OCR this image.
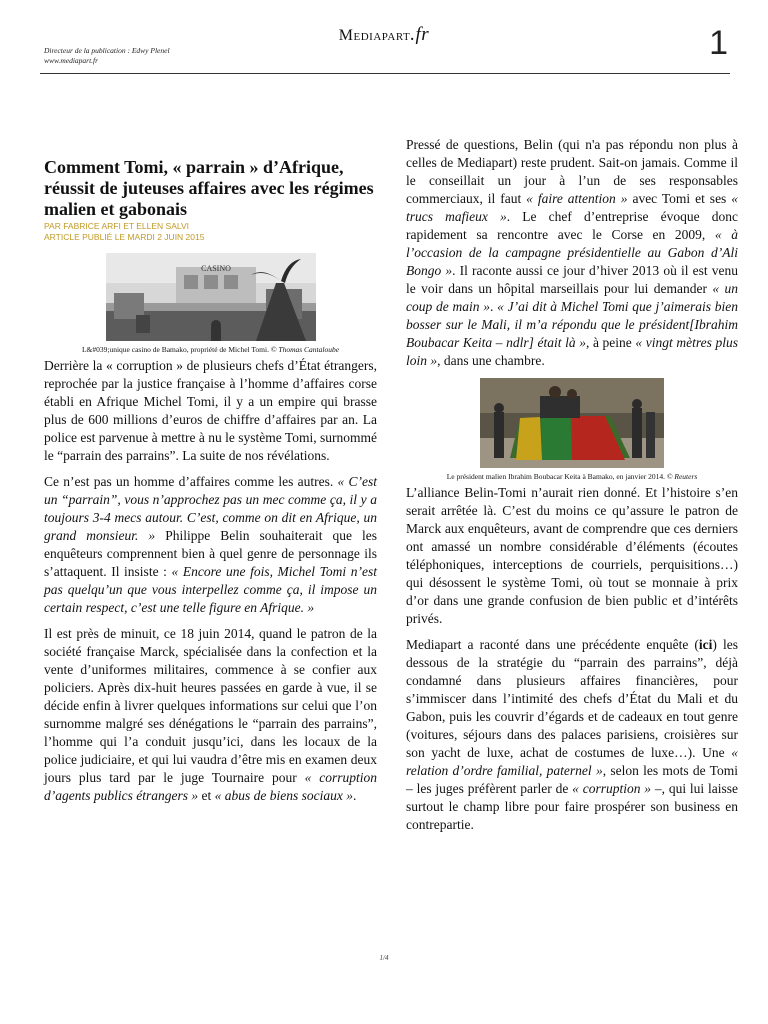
Directeur de la publication : Edwy Plenel
www.mediapart.fr
Mediapart.fr	1
Comment Tomi, « parrain » d’Afrique, réussit de juteuses affaires avec les régimes malien et gabonais
PAR FABRICE ARFI ET ELLEN SALVI
ARTICLE PUBLIÉ LE MARDI 2 JUIN 2015
CASINO
L&#039;unique casino de Bamako, propriété de Michel Tomi. © Thomas Cantaloube

Derrière la « corruption » de plusieurs chefs d’État étrangers, reprochée par la justice française à l’homme d’affaires corse établi en Afrique Michel Tomi, il y a un empire qui brasse plus de 600 millions d’euros de chiffre d’affaires par an. La police est parvenue à mettre à nu le système Tomi, surnommé le “parrain des parrains”. La suite de nos révélations.

Ce n’est pas un homme d’affaires comme les autres. « C’est un “parrain”, vous n’approchez pas un mec comme ça, il y a toujours 3-4 mecs autour. C’est, comme on dit en Afrique, un grand monsieur. » Philippe Belin souhaiterait que les enquêteurs comprennent bien à quel genre de personnage ils s’attaquent. Il insiste : « Encore une fois, Michel Tomi n’est pas quelqu’un que vous interpellez comme ça, il impose un certain respect, c’est une telle figure en Afrique. »

Il est près de minuit, ce 18 juin 2014, quand le patron de la société française Marck, spécialisée dans la confection et la vente d’uniformes militaires, commence à se confier aux policiers. Après dix-huit heures passées en garde à vue, il se décide enfin à livrer quelques informations sur celui que l’on surnomme malgré ses dénégations le “parrain des parrains”, l’homme qui l’a conduit jusqu’ici, dans les locaux de la police judiciaire, et qui lui vaudra d’être mis en examen deux jours plus tard par le juge Tournaire pour « corruption d’agents publics étrangers » et « abus de biens sociaux ».

Pressé de questions, Belin (qui n'a pas répondu non plus à celles de Mediapart) reste prudent. Sait-on jamais. Comme il le conseillait un jour à l’un de ses responsables commerciaux, il faut « faire attention » avec Tomi et ses « trucs mafieux ». Le chef d’entreprise évoque donc rapidement sa rencontre avec le Corse en 2009, « à l’occasion de la campagne présidentielle au Gabon d’Ali Bongo ». Il raconte aussi ce jour d’hiver 2013 où il est venu le voir dans un hôpital marseillais pour lui demander « un coup de main ». « J’ai dit à Michel Tomi que j’aimerais bien bosser sur le Mali, il m’a répondu que le président[Ibrahim Boubacar Keita – ndlr] était là », à peine « vingt mètres plus loin », dans une chambre.

Le président malien Ibrahim Boubacar Keita à Bamako, en janvier 2014. © Reuters

L’alliance Belin-Tomi n’aurait rien donné. Et l’histoire s’en serait arrêtée là. C’est du moins ce qu’assure le patron de Marck aux enquêteurs, avant de comprendre que ces derniers ont amassé un nombre considérable d’éléments (écoutes téléphoniques, interceptions de courriels, perquisitions…) qui désossent le système Tomi, où tout se monnaie à prix d’or dans une grande confusion de bien public et d’intérêts privés.

Mediapart a raconté dans une précédente enquête (ici) les dessous de la stratégie du “parrain des parrains”, déjà condamné dans plusieurs affaires financières, pour s’immiscer dans l’intimité des chefs d’État du Mali et du Gabon, puis les couvrir d’égards et de cadeaux en tout genre (voitures, séjours dans des palaces parisiens, croisières sur son yacht de luxe, achat de costumes de luxe…). Une « relation d’ordre familial, paternel », selon les mots de Tomi – les juges préfèrent parler de « corruption » –, qui lui laisse surtout le champ libre pour faire prospérer son business en contrepartie.

1/4
